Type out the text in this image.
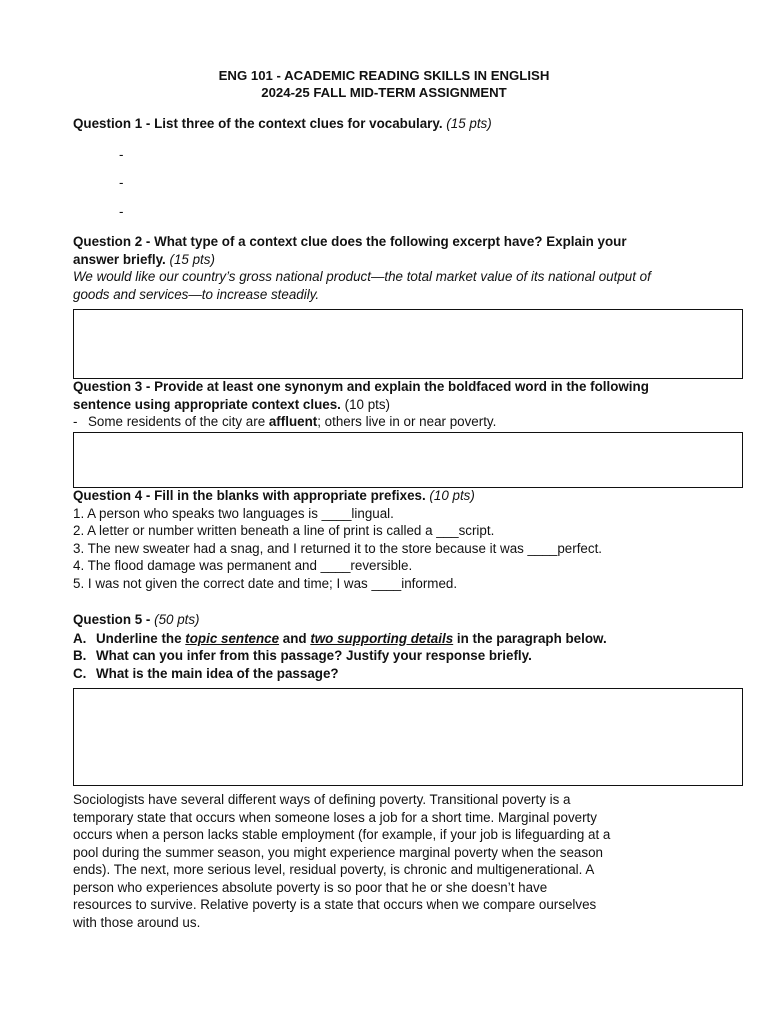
ENG 101 - ACADEMIC READING SKILLS IN ENGLISH
2024-25 FALL MID-TERM ASSIGNMENT
Question 1 - List three of the context clues for vocabulary. (15 pts)
-
-
-
Question 2 - What type of a context clue does the following excerpt have? Explain your
answer briefly. (15 pts)
We would like our country’s gross national product—the total market value of its national output of
goods and services—to increase steadily.
Question 3 - Provide at least one synonym and explain the boldfaced word in the following
sentence using appropriate context clues. (10 pts)
- Some residents of the city are affluent; others live in or near poverty.
Question 4 - Fill in the blanks with appropriate prefixes. (10 pts)
1. A person who speaks two languages is ____lingual.
2. A letter or number written beneath a line of print is called a ___script.
3. The new sweater had a snag, and I returned it to the store because it was ____perfect.
4. The flood damage was permanent and ____reversible.
5. I was not given the correct date and time; I was ____informed.
Question 5 - (50 pts)
A. Underline the topic sentence and two supporting details in the paragraph below.
B. What can you infer from this passage? Justify your response briefly.
C. What is the main idea of the passage?
Sociologists have several different ways of defining poverty. Transitional poverty is a
temporary state that occurs when someone loses a job for a short time. Marginal poverty
occurs when a person lacks stable employment (for example, if your job is lifeguarding at a
pool during the summer season, you might experience marginal poverty when the season
ends). The next, more serious level, residual poverty, is chronic and multigenerational. A
person who experiences absolute poverty is so poor that he or she doesn’t have
resources to survive. Relative poverty is a state that occurs when we compare ourselves
with those around us.
